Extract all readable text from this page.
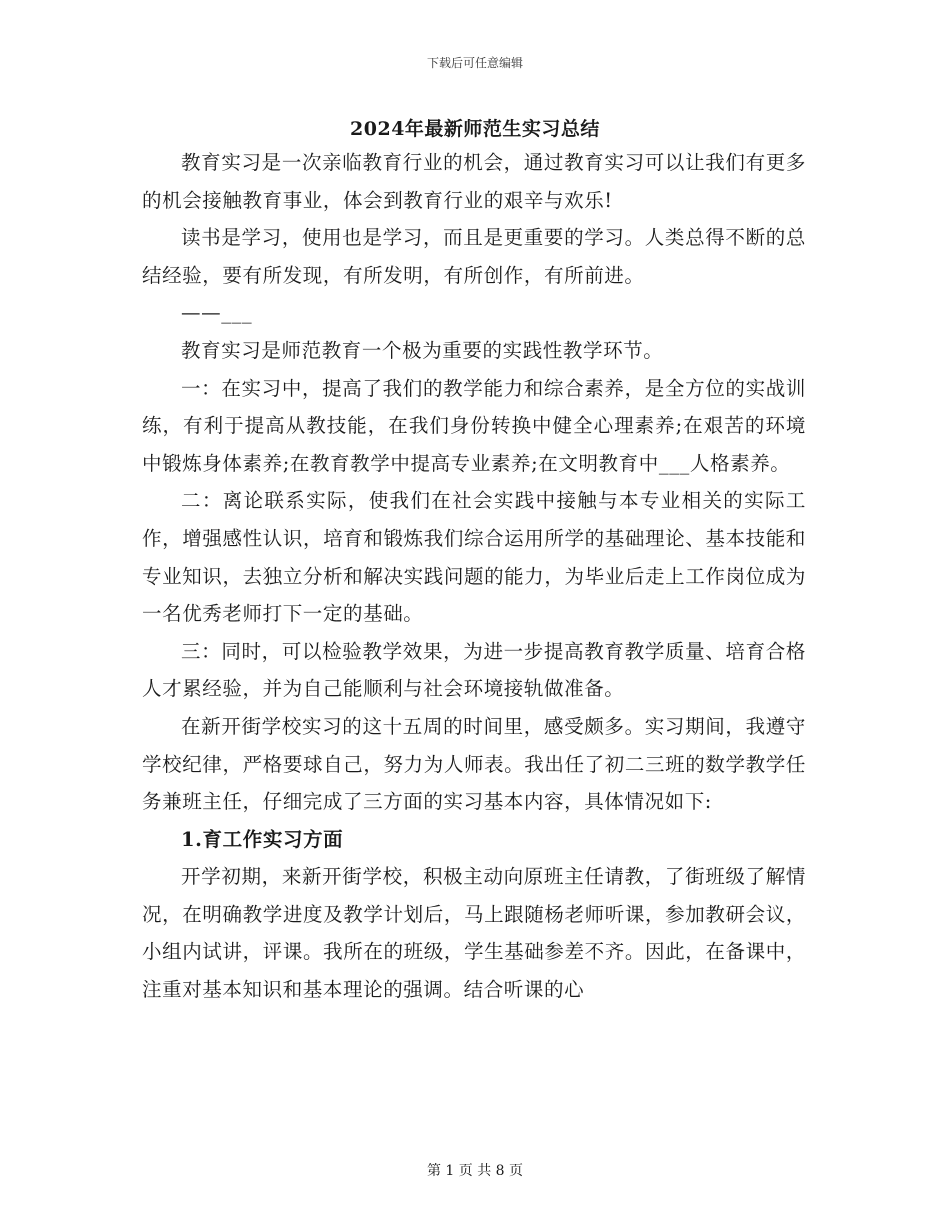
下载后可任意编辑
2024年最新师范生实习总结

教育实习是一次亲临教育行业的机会，通过教育实习可以让我们有更多的机会接触教育事业，体会到教育行业的艰辛与欢乐!

读书是学习，使用也是学习，而且是更重要的学习。人类总得不断的总结经验，要有所发现，有所发明，有所创作，有所前进。

——___

教育实习是师范教育一个极为重要的实践性教学环节。

一：在实习中，提高了我们的教学能力和综合素养，是全方位的实战训练，有利于提高从教技能，在我们身份转换中健全心理素养;在艰苦的环境中锻炼身体素养;在教育教学中提高专业素养;在文明教育中___人格素养。

二：离论联系实际，使我们在社会实践中接触与本专业相关的实际工作，增强感性认识，培育和锻炼我们综合运用所学的基础理论、基本技能和专业知识，去独立分析和解决实践问题的能力，为毕业后走上工作岗位成为一名优秀老师打下一定的基础。

三：同时，可以检验教学效果，为进一步提高教育教学质量、培育合格人才累经验，并为自己能顺利与社会环境接轨做准备。

在新开街学校实习的这十五周的时间里，感受颇多。实习期间，我遵守学校纪律，严格要球自己，努力为人师表。我出任了初二三班的数学教学任务兼班主任，仔细完成了三方面的实习基本内容，具体情况如下:

1.育工作实习方面

开学初期，来新开街学校，积极主动向原班主任请教，了街班级了解情况，在明确教学进度及教学计划后，马上跟随杨老师听课，参加教研会议，小组内试讲，评课。我所在的班级，学生基础参差不齐。因此，在备课中，注重对基本知识和基本理论的强调。结合听课的心

第 1 页 共 8 页
